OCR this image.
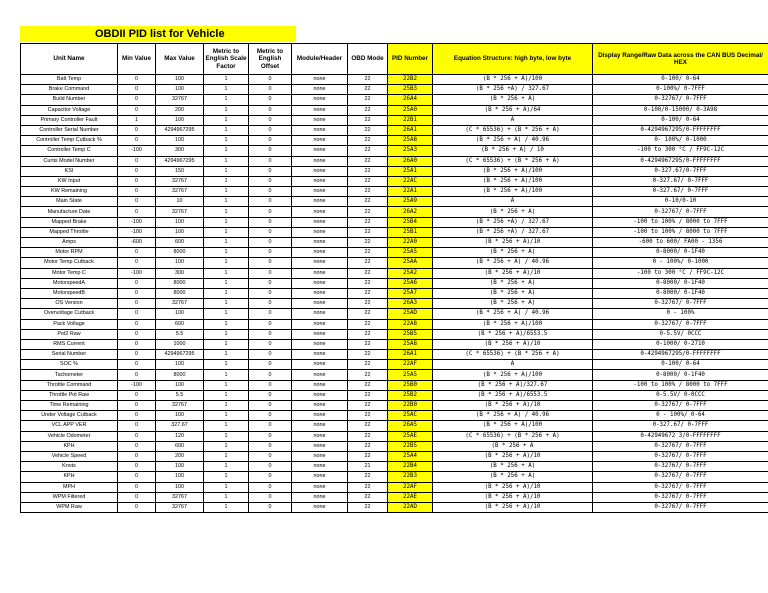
OBDII PID list for Vehicle
Unit Name	Min Value	Max Value	Metric to English Scale Factor	Metric to English Offset	Module/Header	OBD Mode	PID Number	Equation Structure: high byte, low byte	Display Range/Raw Data across the CAN BUS Decimal/ HEX
Batt Temp	0	100	1	0	none	22	22B2	(B * 256 + A)/100	0-100/ 0-64
Brake Command	0	100	1	0	none	22	25B3	(B * 256 +A) / 327.67	0-100%/ 0-7FFF
Build Number	0	32767	1	0	none	22	26A4	(B * 256 + A)	0-32767/ 0-7FFF
Capacitor Voltage	0	200	1	0	none	22	25A0	(B * 256 + A)/64	0-100/0-15000/ 0-3A98
Primary Controller Fault	1	100	1	0	none	22	22B1	A	0-100/ 0-64
Controller Serial Number	0	4294967295	1	0	none	22	26A1	(C * 65536) + (B * 256 + A)	0-4294967295/0-FFFFFFFF
Controller Temp Cutback %	0	100	1	0	none	22	25A8	(B * 256 + A) / 40.96	0- 100%/ 0-1000
Controller Temp C	-100	300	1	0	none	22	25A3	(B * 256 + A) / 10	-100 to 300 °C / FF9C-12C
Curtis Model Number	0	4294967295	1	0	none	22	26A0	(C * 65536) + (B * 256 + A)	0-4294967295/0-FFFFFFFF
KSI	0	150	1	0	none	22	25A1	(B * 256 + A)/100	0-327.67/0-7FFF
KW Input	0	32767	1	0	none	22	22AC	(B * 256 + A)/100	0-327.67/ 0-7FFF
KW Remaining	0	32767	1	0	none	22	22A1	(B * 256 + A)/100	0-327.67/ 0-7FFF
Main State	0	10	1	0	none	22	25A9	A	0-10/0-10
Manufacture Date	0	32767	1	0	none	22	26A2	(B * 256 + A)	0-32767/ 0-7FFF
Mapped Brake	-100	100	1	0	none	22	25B4	(B * 256 +A) / 327.67	-100 to 100% / 8000 to 7FFF
Mapped Throttle	-100	100	1	0	none	22	25B1	(B * 256 +A) / 327.67	-100 to 100% / 8000 to 7FFF
Amps	-600	600	1	0	none	22	22A0	(B * 256 + A)/10	-600 to 600/ FA00 - 1356
Motor RPM	0	8000	1	0	none	22	25A5	(B * 256 + A)	0-8000/ 0-1F40
Motor Temp Cutback	0	100	1	0	none	22	25AA	(B * 256 + A) / 40.96	0 - 100%/ 0-1000
Motor Temp C	-100	300	1	0	none	22	25A2	(B * 256 + A)/10	-100 to 300 °C / FF9C-12C
MotorspeedA	0	8000	1	0	none	22	25A6	(B * 256 + A)	0-8000/ 0-1F40
MotorspeedB	0	8000	1	0	none	22	25A7	(B * 256 + A)	0-8000/ 0-1F40
OS Version	0	32767	1	0	none	22	26A3	(B * 256 + A)	0-32767/ 0-7FFF
Overvoltage Cutback	0	100	1	0	none	22	25AD	(B * 256 + A) / 40.96	0 - 100%
Pack Voltage	0	600	1	0	none	22	22A8	(B * 256 + A)/100	0-32767/ 0-7FFF
Pot2 Raw	0	5.5	1	0	none	22	25B5	(B * 256 + A)/6553.5	0-5.5V/ 0CCC
RMS Current	0	1000	1	0	none	22	25A8	(B * 256 + A)/10	0-1000/ 0-2710
Serial Number	0	4294967295	1	0	none	22	26A1	(C * 65536) + (B * 256 + A)	0-4294967295/0-FFFFFFFF
SOC %	0	100	1	0	none	22	22AF	A	0-100/ 0-64
Tachometer	0	8000	1	0	none	22	25A5	(B * 256 + A)/100	0-8000/ 0-1F40
Throttle Command	-100	100	1	0	none	22	25B0	(B * 256 + A)/327.67	-100 to 100% / 8000 to 7FFF
Throttle Pot Raw	0	5.5	1	0	none	22	25B2	(B * 256 + A)/6553.5	0-5.5V/ 0-0CCC
Time Remaining	0	32767	1	0	none	22	22B0	(B * 256 + A)/10	0-32767/ 0-7FFF
Under Voltage Cutback	0	100	1	0	none	22	25AC	(B * 256 + A) / 40.96	0 - 100%/ 0-64
VCL APP VER	0	327.67	1	0	none	22	26A5	(B * 256 + A)/100	0-327.67/ 0-7FFF
Vehicle Odometer	0	120	1	0	none	22	25AE	(C * 65536) + (B * 256 + A)	0-42949672 3/0-FFFFFFFF
KPH	0	600	1	0	none	22	22B5	(B * 256 + A	0-32767/ 0-7FFF
Vehicle Speed	0	200	1	0	none	22	25A4	(B * 256 + A)/10	0-32767/ 0-7FFF
Knots	0	100	1	0	none	21	22B4	(B * 256 + A)	0-32767/ 0-7FFF
KPH	0	100	1	0	none	22	22B3	(B * 256 + A)	0-32767/ 0-7FFF
MPH	0	100	1	0	none	22	22AF	(B * 256 + A)/10	0-32767/ 0-7FFF
WPM Filtered	0	32767	1	0	none	22	22AE	(B * 256 + A)/10	0-32767/ 0-7FFF
WPM Raw	0	32767	1	0	none	22	22AD	(B * 256 + A)/10	0-32767/ 0-7FFF
